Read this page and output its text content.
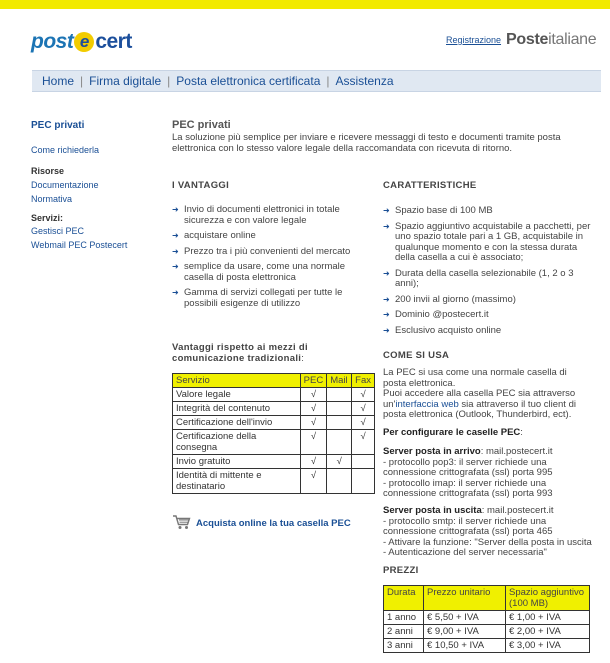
post e cert	Registrazione Posteitaliane
Home | Firma digitale | Posta elettronica certificata | Assistenza
PEC privati
Come richiederla
Risorse
Documentazione
Normativa
Servizi:
Gestisci PEC
Webmail PEC Postecert
PEC privati
La soluzione più semplice per inviare e ricevere messaggi di testo e documenti tramite posta elettronica con lo stesso valore legale della raccomandata con ricevuta di ritorno.
I VANTAGGI
➜ Invio di documenti elettronici in totale sicurezza e con valore legale
➜ acquistare online
➜ Prezzo tra i più convenienti del mercato
➜ semplice da usare, come una normale casella di posta elettronica
➜ Gamma di servizi collegati per tutte le possibili esigenze di utilizzo
CARATTERISTICHE
➜ Spazio base di 100 MB
➜ Spazio aggiuntivo acquistabile a pacchetti, per uno spazio totale pari a 1 GB, acquistabile in qualunque momento e con la stessa durata della casella a cui è associato;
➜ Durata della casella selezionabile (1, 2 o 3 anni);
➜ 200 invii al giorno (massimo)
➜ Dominio @postecert.it
➜ Esclusivo acquisto online
Vantaggi rispetto ai mezzi di comunicazione tradizionali:
Servizio	PEC	Mail	Fax
Valore legale	√		√
Integrità del contenuto	√		√
Certificazione dell'invio	√		√
Certificazione della consegna	√		√
Invio gratuito	√	√	
Identità di mittente e destinatario	√		
Acquista online la tua casella PEC
COME SI USA
La PEC si usa come una normale casella di posta elettronica.
Puoi accedere alla casella PEC sia attraverso un'interfaccia web sia attraverso il tuo client di posta elettronica (Outlook, Thunderbird, ect).
Per configurare le caselle PEC:
Server posta in arrivo: mail.postecert.it
- protocollo pop3: il server richiede una connessione crittografata (ssl) porta 995
- protocollo imap: il server richiede una connessione crittografata (ssl) porta 993
Server posta in uscita: mail.postecert.it
- protocollo smtp: il server richiede una connessione crittografata (ssl) porta 465
- Attivare la funzione: "Server della posta in uscita - Autenticazione del server necessaria"
PREZZI
Durata	Prezzo unitario	Spazio aggiuntivo (100 MB)
1 anno	€ 5,50 + IVA	€ 1,00 + IVA
2 anni	€ 9,00 + IVA	€ 2,00 + IVA
3 anni	€ 10,50 + IVA	€ 3,00 + IVA
